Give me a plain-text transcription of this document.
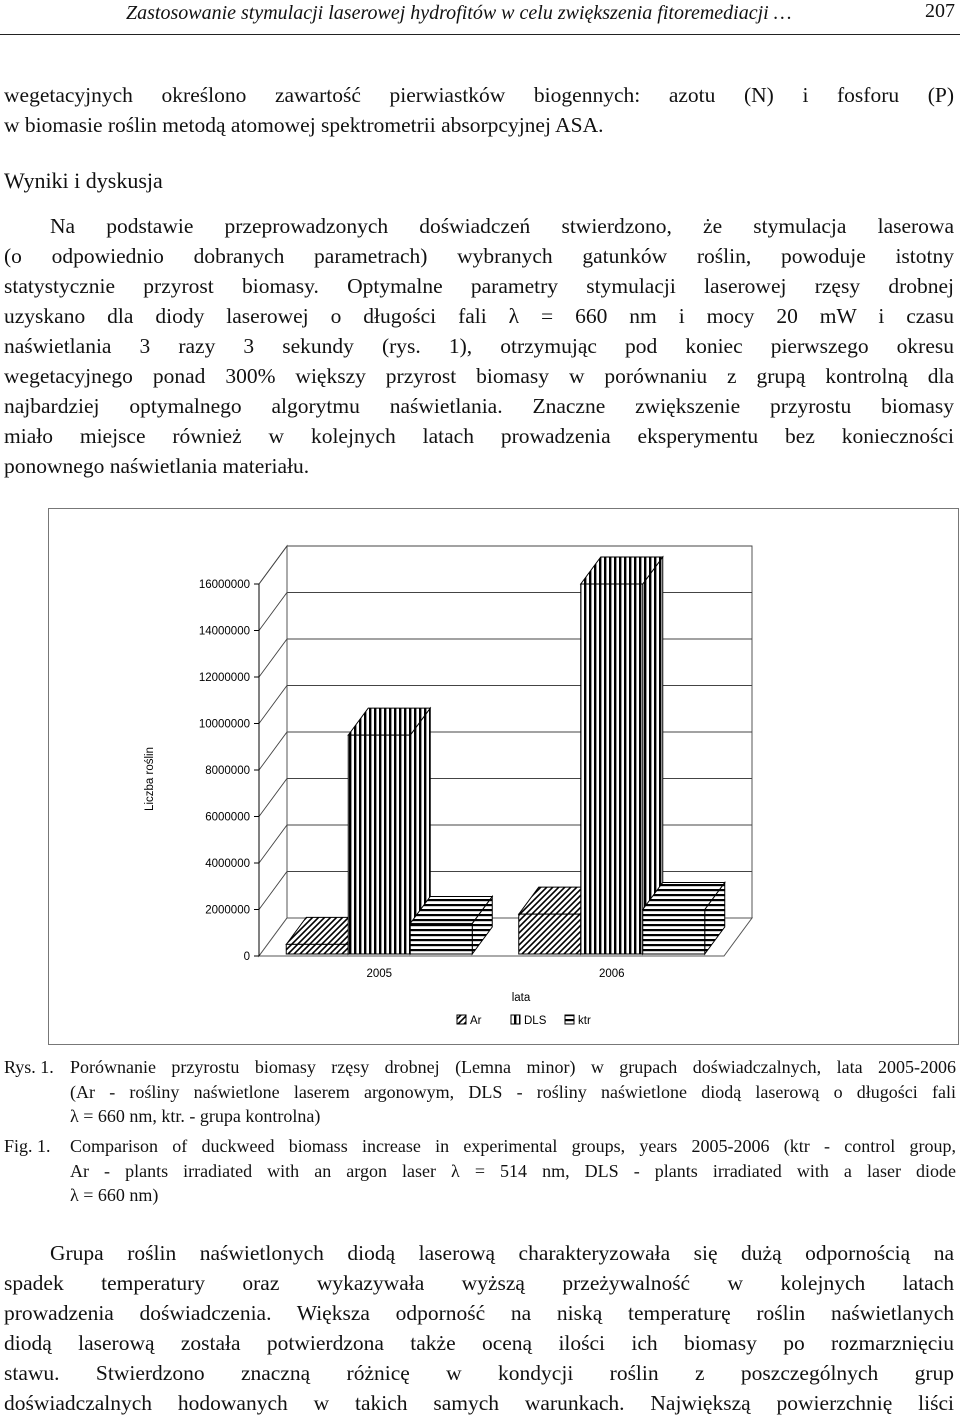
Zastosowanie stymulacji laserowej hydrofitów w celu zwiększenia fitoremediacji …	207
wegetacyjnych określono zawartość pierwiastków biogennych: azotu (N) i fosforu (P)
w biomasie roślin metodą atomowej spektrometrii absorpcyjnej ASA.
Wyniki i dyskusja
Na podstawie przeprowadzonych doświadczeń stwierdzono, że stymulacja laserowa
(o odpowiednio dobranych parametrach) wybranych gatunków roślin, powoduje istotny
statystycznie przyrost biomasy. Optymalne parametry stymulacji laserowej rzęsy drobnej
uzyskano dla diody laserowej o długości fali λ = 660 nm i mocy 20 mW i czasu
naświetlania 3 razy 3 sekundy (rys. 1), otrzymując pod koniec pierwszego okresu
wegetacyjnego ponad 300% większy przyrost biomasy w porównaniu z grupą kontrolną dla
najbardziej optymalnego algorytmu naświetlania. Znaczne zwiększenie przyrostu biomasy
miało miejsce również w kolejnych latach prowadzenia eksperymentu bez konieczności
ponownego naświetlania materiału.
0
2000000
4000000
6000000
8000000
10000000
12000000
14000000
16000000
2005	2006
Liczba roślin
lata
Ar	DLS	ktr
Rys. 1. Porównanie przyrostu biomasy rzęsy drobnej (Lemna minor) w grupach doświadczalnych, lata 2005-2006
(Ar - rośliny naświetlone laserem argonowym, DLS - rośliny naświetlone diodą laserową o długości fali
λ = 660 nm, ktr. - grupa kontrolna)
Fig. 1. Comparison of duckweed biomass increase in experimental groups, years 2005-2006 (ktr - control group,
Ar - plants irradiated with an argon laser λ = 514 nm, DLS - plants irradiated with a laser diode
λ = 660 nm)
Grupa roślin naświetlonych diodą laserową charakteryzowała się dużą odpornością na
spadek temperatury oraz wykazywała wyższą przeżywalność w kolejnych latach
prowadzenia doświadczenia. Większa odporność na niską temperaturę roślin naświetlanych
diodą laserową została potwierdzona także oceną ilości ich biomasy po rozmarznięciu
stawu. Stwierdzono znaczną różnicę w kondycji roślin z poszczególnych grup
doświadczalnych hodowanych w takich samych warunkach. Największą powierzchnię liści
